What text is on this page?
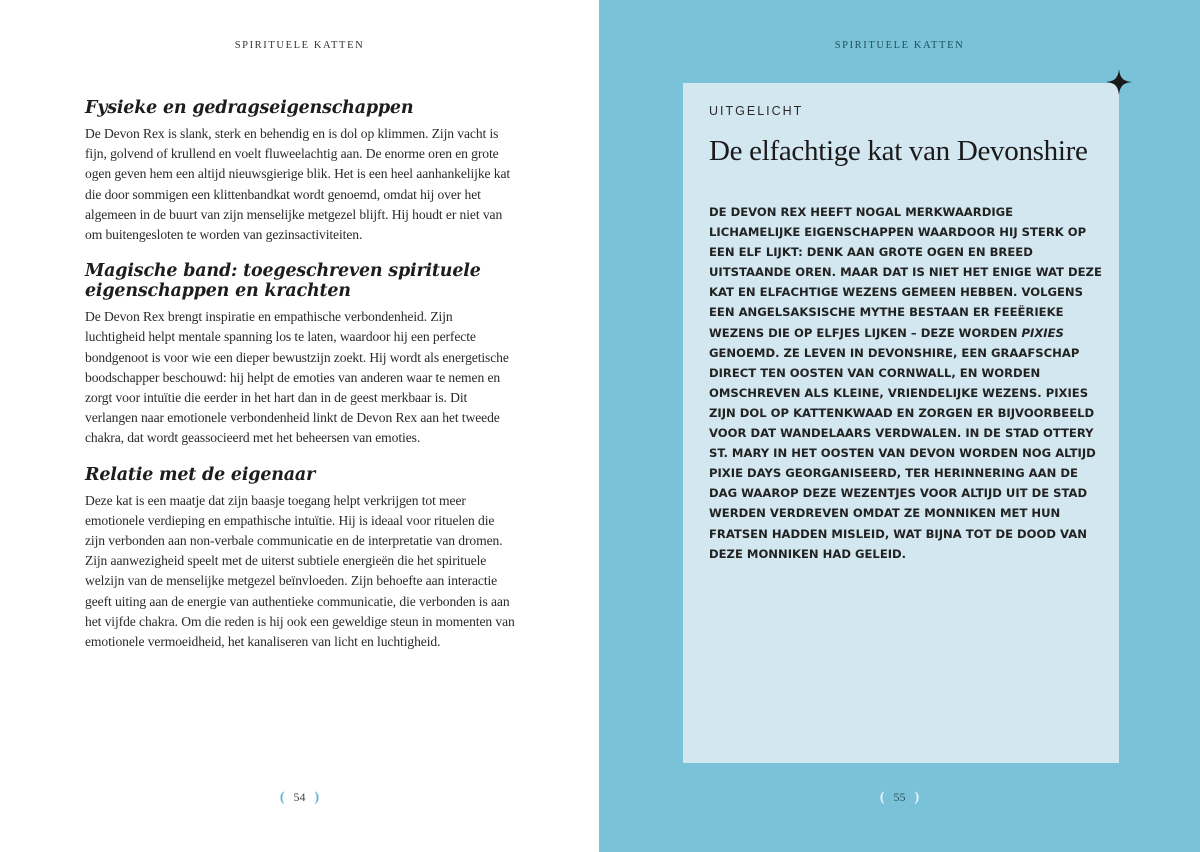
SPIRITUELE KATTEN
Fysieke en gedragseigenschappen

De Devon Rex is slank, sterk en behendig en is dol op klimmen. Zijn vacht is fijn, golvend of krullend en voelt fluweelachtig aan. De enorme oren en grote ogen geven hem een altijd nieuwsgierige blik. Het is een heel aanhankelijke kat die door sommigen een klittenbandkat wordt genoemd, omdat hij over het algemeen in de buurt van zijn menselijke metgezel blijft. Hij houdt er niet van om buitengesloten te worden van gezinsactiviteiten.

Magische band: toegeschreven spirituele eigenschappen en krachten

De Devon Rex brengt inspiratie en empathische verbondenheid. Zijn luchtigheid helpt mentale spanning los te laten, waardoor hij een perfecte bondgenoot is voor wie een dieper bewustzijn zoekt. Hij wordt als energetische boodschapper beschouwd: hij helpt de emoties van anderen waar te nemen en zorgt voor intuïtie die eerder in het hart dan in de geest merkbaar is. Dit verlangen naar emotionele verbondenheid linkt de Devon Rex aan het tweede chakra, dat wordt geassocieerd met het beheersen van emoties.

Relatie met de eigenaar

Deze kat is een maatje dat zijn baasje toegang helpt verkrijgen tot meer emotionele verdieping en empathische intuïtie. Hij is ideaal voor rituelen die zijn verbonden aan non-verbale communicatie en de interpretatie van dromen.

Zijn aanwezigheid speelt met de uiterst subtiele energieën die het spirituele welzijn van de menselijke metgezel beïnvloeden. Zijn behoefte aan interactie geeft uiting aan de energie van authentieke communicatie, die verbonden is aan het vijfde chakra. Om die reden is hij ook een geweldige steun in momenten van emotionele vermoeidheid, het kanaliseren van licht en luchtigheid.

( 54 )
SPIRITUELE KATTEN
UITGELICHT
De elfachtige kat van Devonshire
DE DEVON REX HEEFT NOGAL MERKWAARDIGE LICHAMELIJKE EIGENSCHAPPEN WAARDOOR HIJ STERK OP EEN ELF LIJKT: DENK AAN GROTE OGEN EN BREED UITSTAANDE OREN. MAAR DAT IS NIET HET ENIGE WAT DEZE KAT EN ELFACHTIGE WEZENS GEMEEN HEBBEN. VOLGENS EEN ANGELSAKSISCHE MYTHE BESTAAN ER FEEËRIEKE WEZENS DIE OP ELFJES LIJKEN – DEZE WORDEN PIXIES GENOEMD. ZE LEVEN IN DEVONSHIRE, EEN GRAAFSCHAP DIRECT TEN OOSTEN VAN CORNWALL, EN WORDEN OMSCHREVEN ALS KLEINE, VRIENDELIJKE WEZENS. PIXIES ZIJN DOL OP KATTENKWAAD EN ZORGEN ER BIJVOORBEELD VOOR DAT WANDELAARS VERDWALEN. IN DE STAD OTTERY ST. MARY IN HET OOSTEN VAN DEVON WORDEN NOG ALTIJD PIXIE DAYS GEORGANISEERD, TER HERINNERING AAN DE DAG WAAROP DEZE WEZENTJES VOOR ALTIJD UIT DE STAD WERDEN VERDREVEN OMDAT ZE MONNIKEN MET HUN FRATSEN HADDEN MISLEID, WAT BIJNA TOT DE DOOD VAN DEZE MONNIKEN HAD GELEID.
( 55 )
